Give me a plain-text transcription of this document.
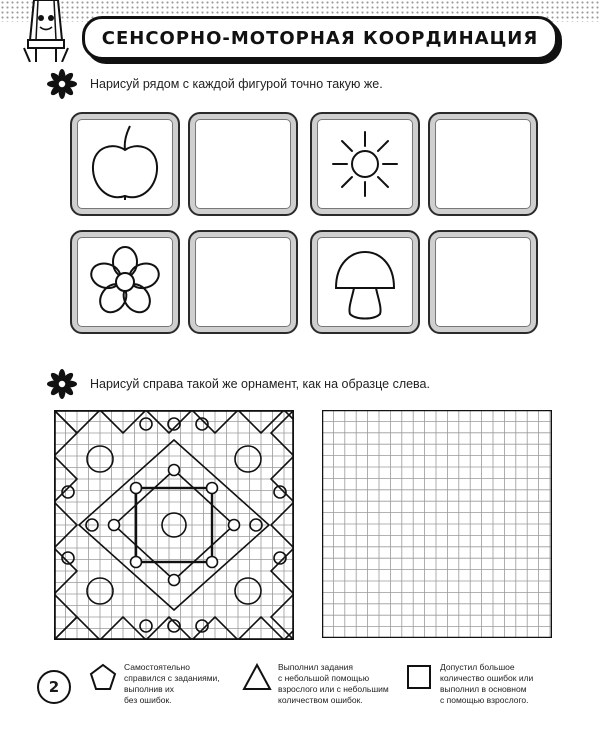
СЕНСОРНО-МОТОРНАЯ КООРДИНАЦИЯ
Нарисуй рядом с каждой фигурой точно такую же.
Нарисуй справа такой же орнамент, как на образце слева.
2
Самостоятельно
справился с заданиями,
выполнив их
без ошибок.
Выполнил задания
с небольшой помощью
взрослого или с небольшим
количеством ошибок.
Допустил большое
количество ошибок или
выполнил в основном
с помощью взрослого.
